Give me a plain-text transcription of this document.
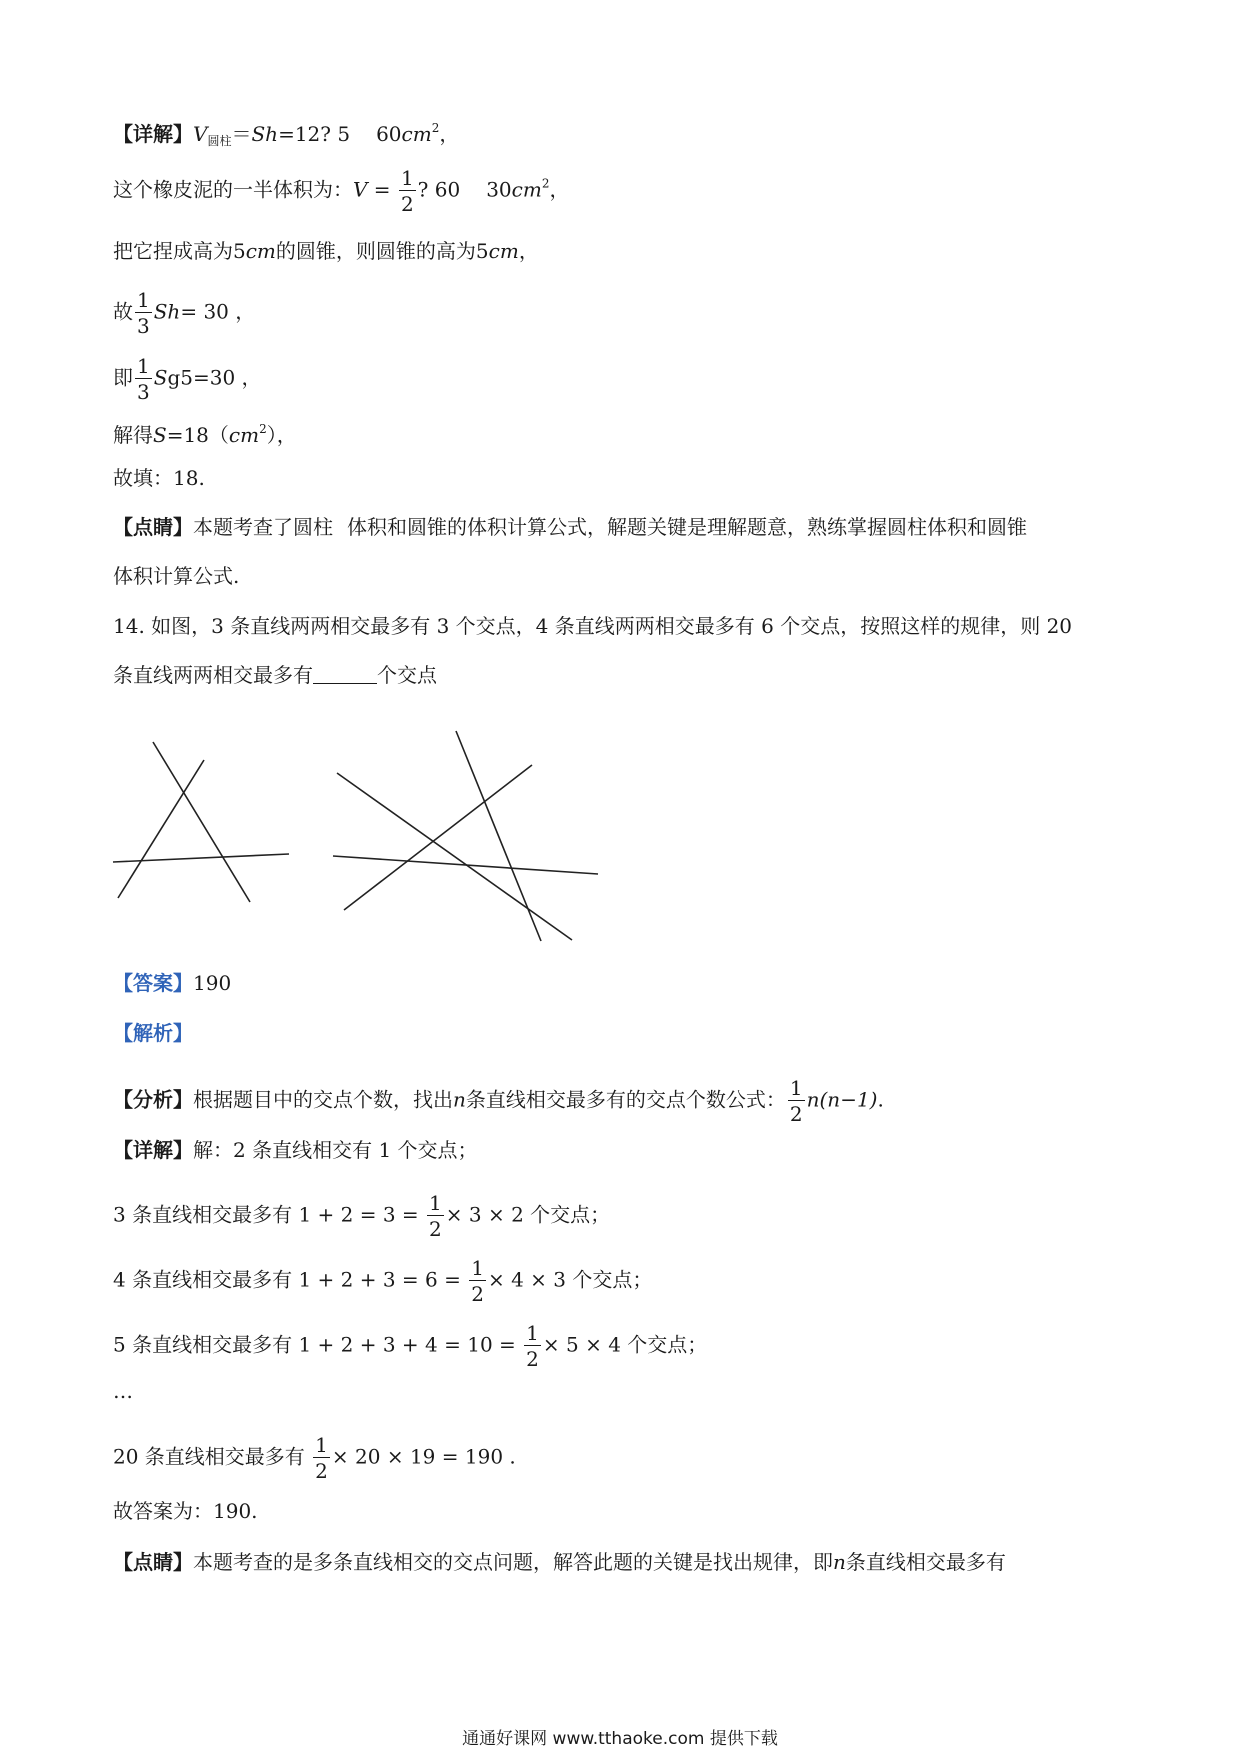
【详解】$V_{圆柱}=Sh=12$? 5 $60cm^2$，
这个橡皮泥的一半体积为：$V = \frac{1}{2}$ ? 60 $30cm^2$，
把它捏成高为5cm的圆锥，则圆锥的高为5cm，
故 $\frac{1}{3} Sh= 30$ ，
即 $\frac{1}{3} Sg5=30$ ，
解得$S=18(cm^2)$，
故填：18.
【点睛】本题考查了圆柱 体积和圆锥的体积计算公式，解题关键是理解题意，熟练掌握圆柱体积和圆锥
体积计算公式.
14. 如图，3 条直线两两相交最多有 3 个交点，4 条直线两两相交最多有 6 个交点，按照这样的规律，则 20
条直线两两相交最多有	个交点
【答案】190
【解析】
【分析】根据题目中的交点个数，找出n条直线相交最多有的交点个数公式： $\frac{1}{2} n(n-1)$.
【详解】解：2 条直线相交有 1 个交点；
3 条直线相交最多有 $1 + 2 = 3 = \frac{1}{2} \times 3 \times 2$ 个交点；
4 条直线相交最多有 $1 + 2 + 3 = 6 = \frac{1}{2} \times 4 \times 3$ 个交点；
5 条直线相交最多有 $1 + 2 + 3 + 4 = 10 = \frac{1}{2} \times 5 \times 4$ 个交点；
…
20 条直线相交最多有 $\frac{1}{2} \times 20 \times 19 = 190$ .
故答案为：190.
【点睛】本题考查的是多条直线相交的交点问题，解答此题的关键是找出规律，即n条直线相交最多有
通通好课网 www.tthaoke.com 提供下载
